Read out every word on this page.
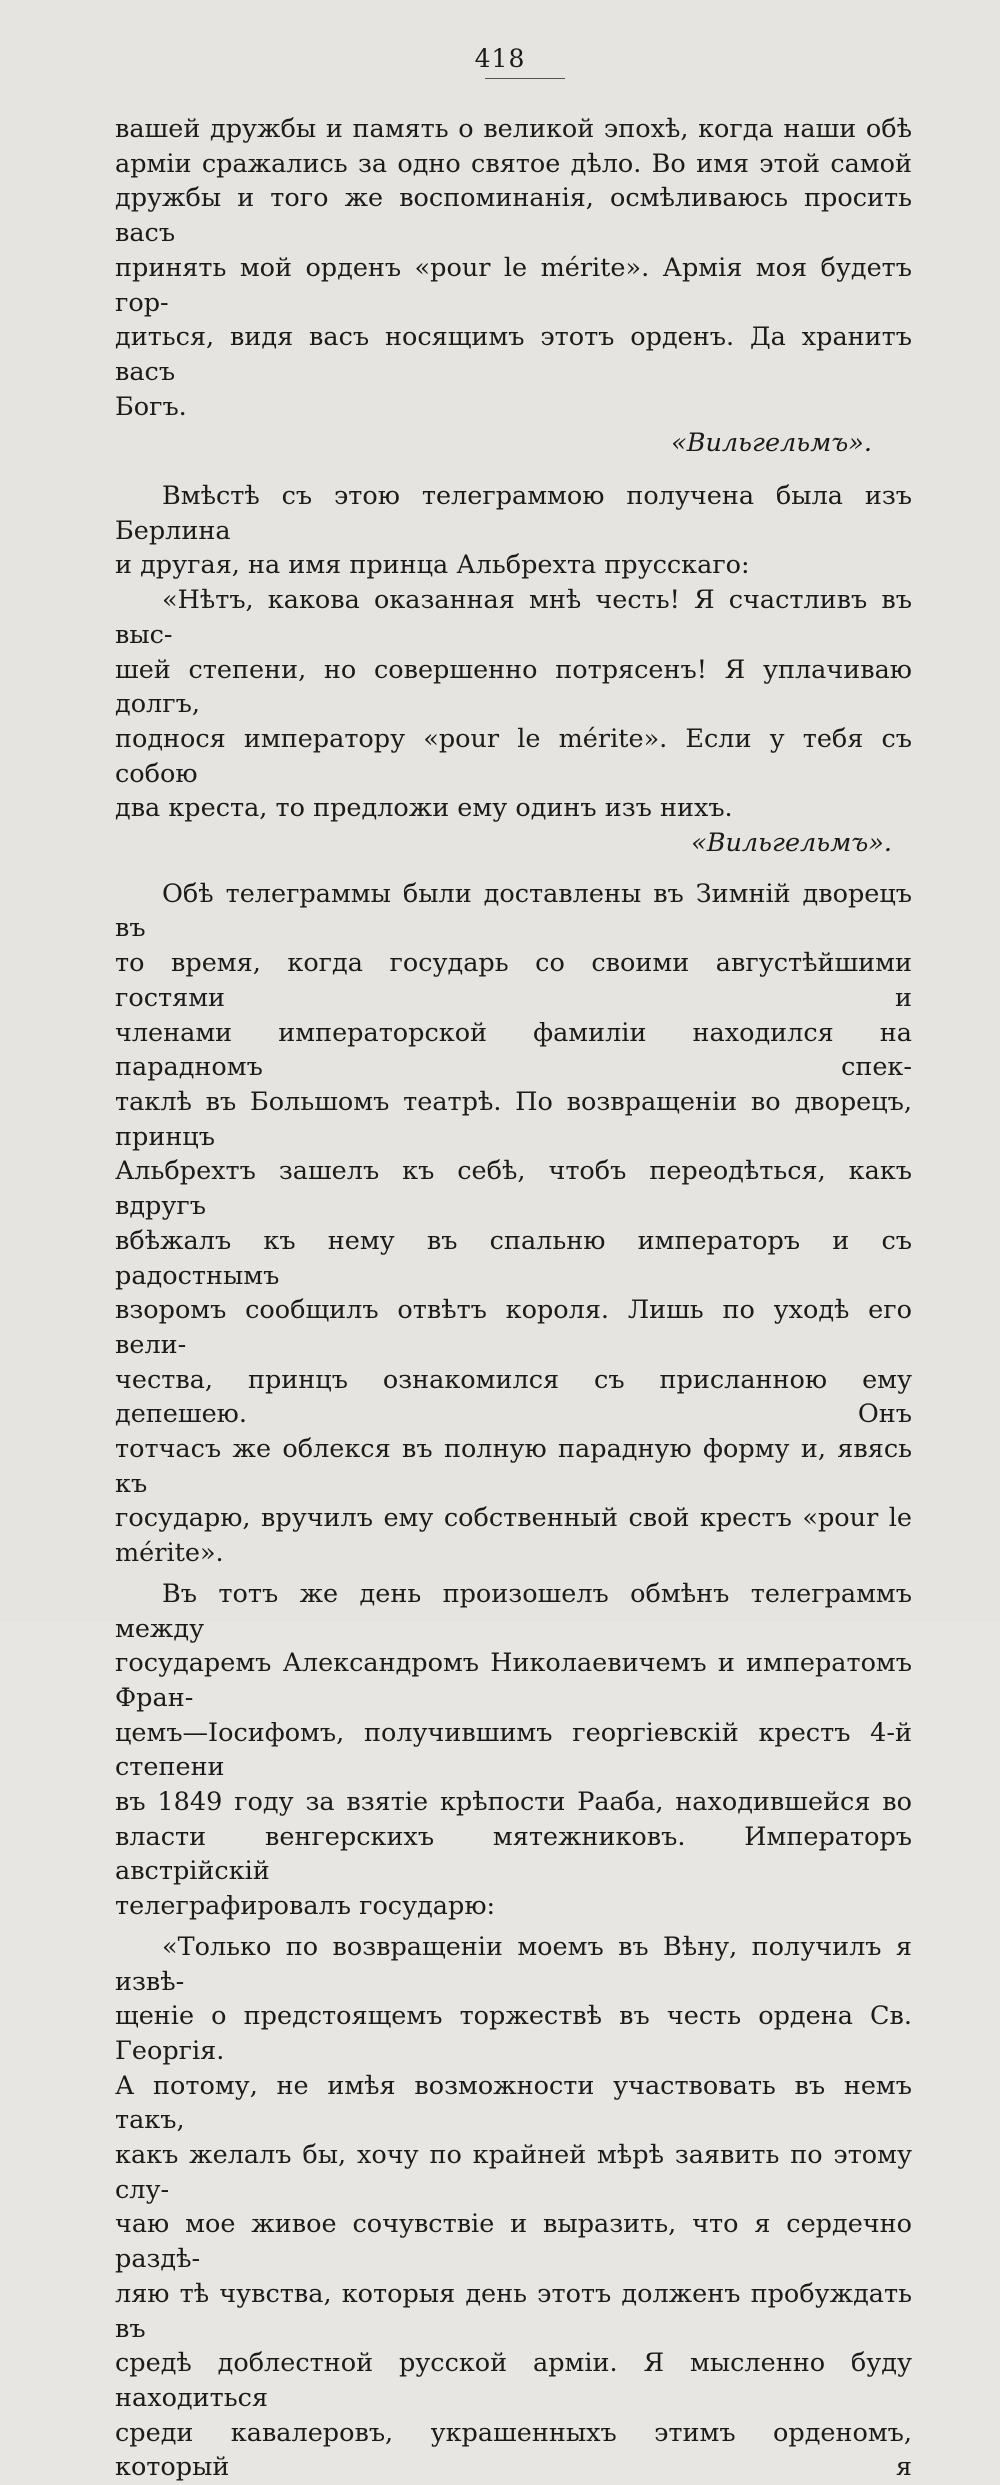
418

вашей дружбы и память о великой эпохѣ, когда наши обѣ

арміи сражались за одно святое дѣло. Во имя этой самой

дружбы и того же воспоминанія, осмѣливаюсь просить васъ

принять мой орденъ «pour le mérite». Армія моя будетъ гор-

диться, видя васъ носящимъ этотъ орденъ. Да хранитъ васъ

Богъ.

«Вильгельмъ».

Вмѣстѣ съ этою телеграммою получена была изъ Берлина

и другая, на имя принца Альбрехта прусскаго:

«Нѣтъ, какова оказанная мнѣ честь! Я счастливъ въ выс-

шей степени, но совершенно потрясенъ! Я уплачиваю долгъ,

поднося императору «pour le mérite». Если у тебя съ собою

два креста, то предложи ему одинъ изъ нихъ.

«Вильгельмъ».

Обѣ телеграммы были доставлены въ Зимній дворецъ въ

то время, когда государь со своими августѣйшими гостями и

членами императорской фамиліи находился на парадномъ спек-

таклѣ въ Большомъ театрѣ. По возвращеніи во дворецъ, принцъ

Альбрехтъ зашелъ къ себѣ, чтобъ переодѣться, какъ вдругъ

вбѣжалъ къ нему въ спальню императоръ и съ радостнымъ

взоромъ сообщилъ отвѣтъ короля. Лишь по уходѣ его вели-

чества, принцъ ознакомился съ присланною ему депешею. Онъ

тотчасъ же облекся въ полную парадную форму и, явясь къ

государю, вручилъ ему собственный свой крестъ «pour le

mérite».

Въ тотъ же день произошелъ обмѣнъ телеграммъ между

государемъ Александромъ Николаевичемъ и императомъ Фран-

цемъ—Іосифомъ, получившимъ георгіевскій крестъ 4-й степени

въ 1849 году за взятіе крѣпости Рааба, находившейся во

власти венгерскихъ мятежниковъ. Императоръ австрійскій

телеграфировалъ государю:

«Только по возвращеніи моемъ въ Вѣну, получилъ я извѣ-

щеніе о предстоящемъ торжествѣ въ честь ордена Св. Георгія.

А потому, не имѣя возможности участвовать въ немъ такъ,

какъ желалъ бы, хочу по крайней мѣрѣ заявить по этому слу-

чаю мое живое сочувствіе и выразить, что я сердечно раздѣ-

ляю тѣ чувства, которыя день этотъ долженъ пробуждать въ

средѣ доблестной русской арміи. Я мысленно буду находиться

среди кавалеровъ, украшенныхъ этимъ орденомъ, который я
